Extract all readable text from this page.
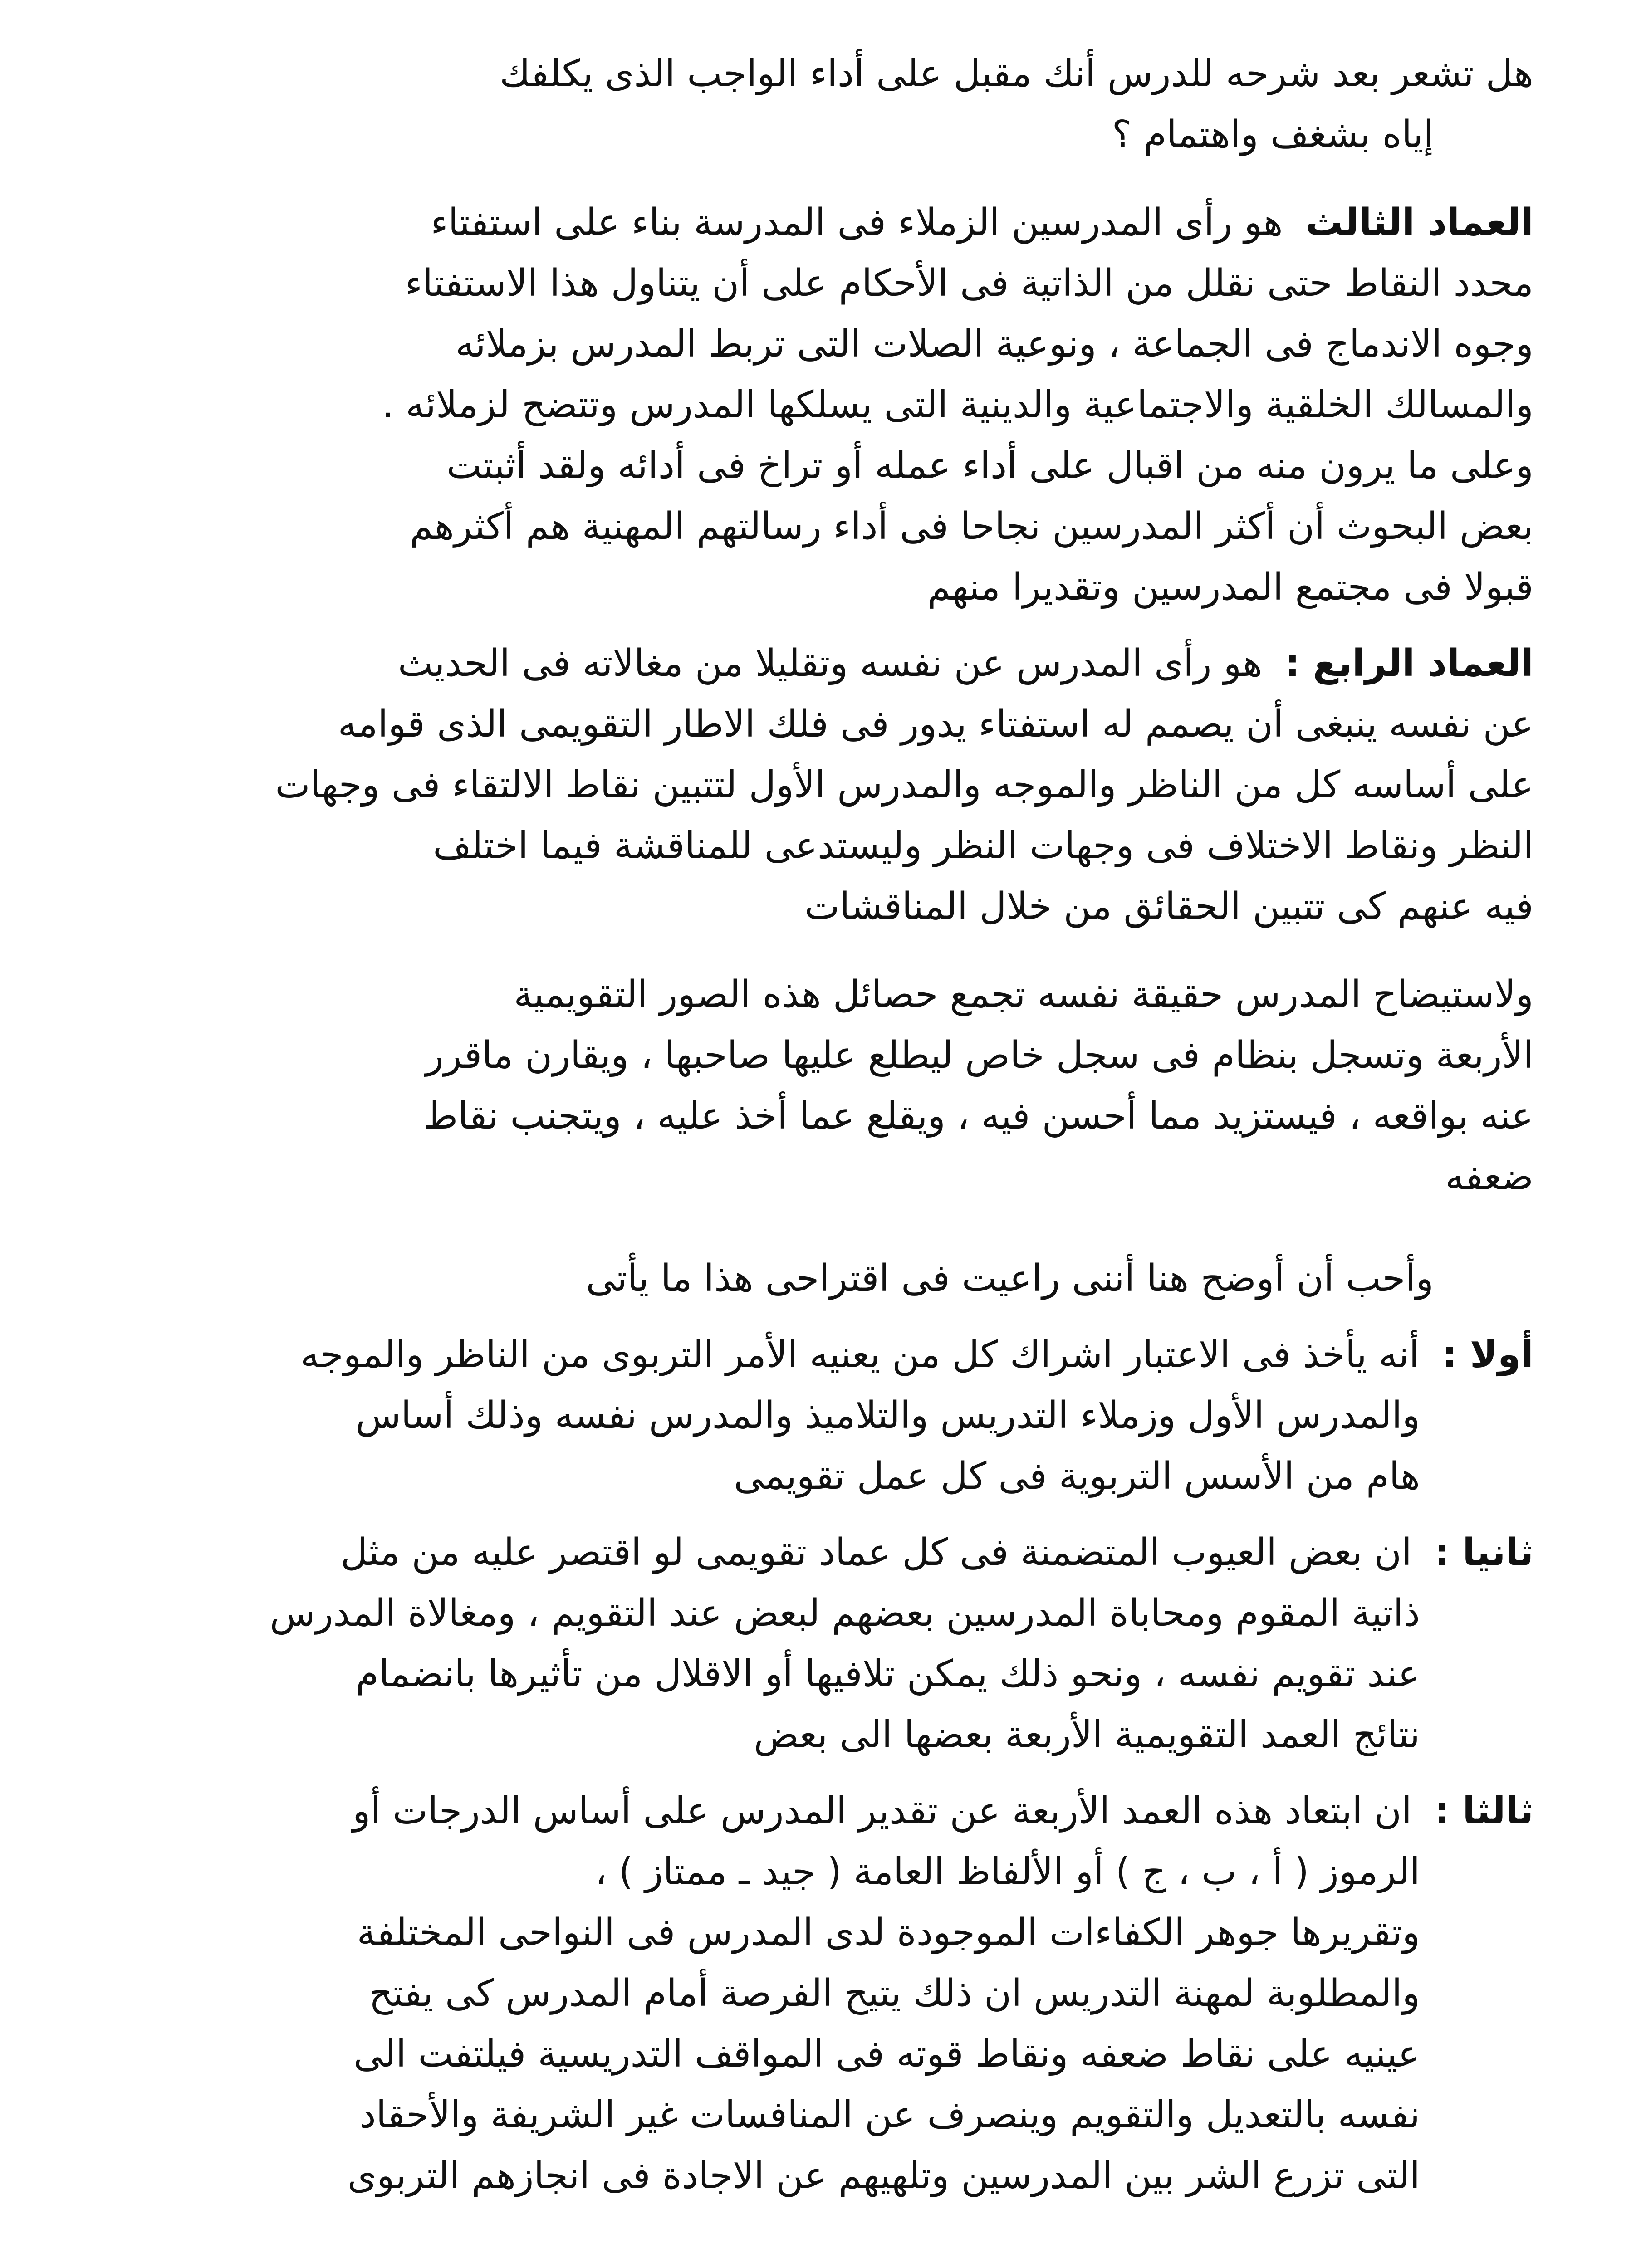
هل تشعر بعد شرحه للدرس أنك مقبل على أداء الواجب الذى يكلفك
إياه بشغف واهتمام ؟
العماد الثالث هو رأى المدرسين الزملاء فى المدرسة بناء على استفتاء
محدد النقاط حتى نقلل من الذاتية فى الأحكام على أن يتناول هذا الاستفتاء
وجوه الاندماج فى الجماعة ، ونوعية الصلات التى تربط المدرس بزملائه
والمسالك الخلقية والاجتماعية والدينية التى يسلكها المدرس وتتضح لزملائه .
وعلى ما يرون منه من اقبال على أداء عمله أو تراخ فى أدائه ولقد أثبتت
بعض البحوث أن أكثر المدرسين نجاحا فى أداء رسالتهم المهنية هم أكثرهم
قبولا فى مجتمع المدرسين وتقديرا منهم
العماد الرابع : هو رأى المدرس عن نفسه وتقليلا من مغالاته فى الحديث
عن نفسه ينبغى أن يصمم له استفتاء يدور فى فلك الاطار التقويمى الذى قوامه
على أساسه كل من الناظر والموجه والمدرس الأول لتتبين نقاط الالتقاء فى وجهات
النظر ونقاط الاختلاف فى وجهات النظر وليستدعى للمناقشة فيما اختلف
فيه عنهم كى تتبين الحقائق من خلال المناقشات
ولاستيضاح المدرس حقيقة نفسه تجمع حصائل هذه الصور التقويمية
الأربعة وتسجل بنظام فى سجل خاص ليطلع عليها صاحبها ، ويقارن ماقرر
عنه بواقعه ، فيستزيد مما أحسن فيه ، ويقلع عما أخذ عليه ، ويتجنب نقاط
ضعفه
وأحب أن أوضح هنا أننى راعيت فى اقتراحى هذا ما يأتى
أولا : أنه يأخذ فى الاعتبار اشراك كل من يعنيه الأمر التربوى من الناظر والموجه
والمدرس الأول وزملاء التدريس والتلاميذ والمدرس نفسه وذلك أساس
هام من الأسس التربوية فى كل عمل تقويمى
ثانيا : ان بعض العيوب المتضمنة فى كل عماد تقويمى لو اقتصر عليه من مثل
ذاتية المقوم ومحاباة المدرسين بعضهم لبعض عند التقويم ، ومغالاة المدرس
عند تقويم نفسه ، ونحو ذلك يمكن تلافيها أو الاقلال من تأثيرها بانضمام
نتائج العمد التقويمية الأربعة بعضها الى بعض
ثالثا : ان ابتعاد هذه العمد الأربعة عن تقدير المدرس على أساس الدرجات أو
الرموز ( أ ، ب ، ج ) أو الألفاظ العامة ( جيد ـ ممتاز ) ،
وتقريرها جوهر الكفاءات الموجودة لدى المدرس فى النواحى المختلفة
والمطلوبة لمهنة التدريس ان ذلك يتيح الفرصة أمام المدرس كى يفتح
عينيه على نقاط ضعفه ونقاط قوته فى المواقف التدريسية فيلتفت الى
نفسه بالتعديل والتقويم وينصرف عن المنافسات غير الشريفة والأحقاد
التى تزرع الشر بين المدرسين وتلهيهم عن الاجادة فى انجازهم التربوى
